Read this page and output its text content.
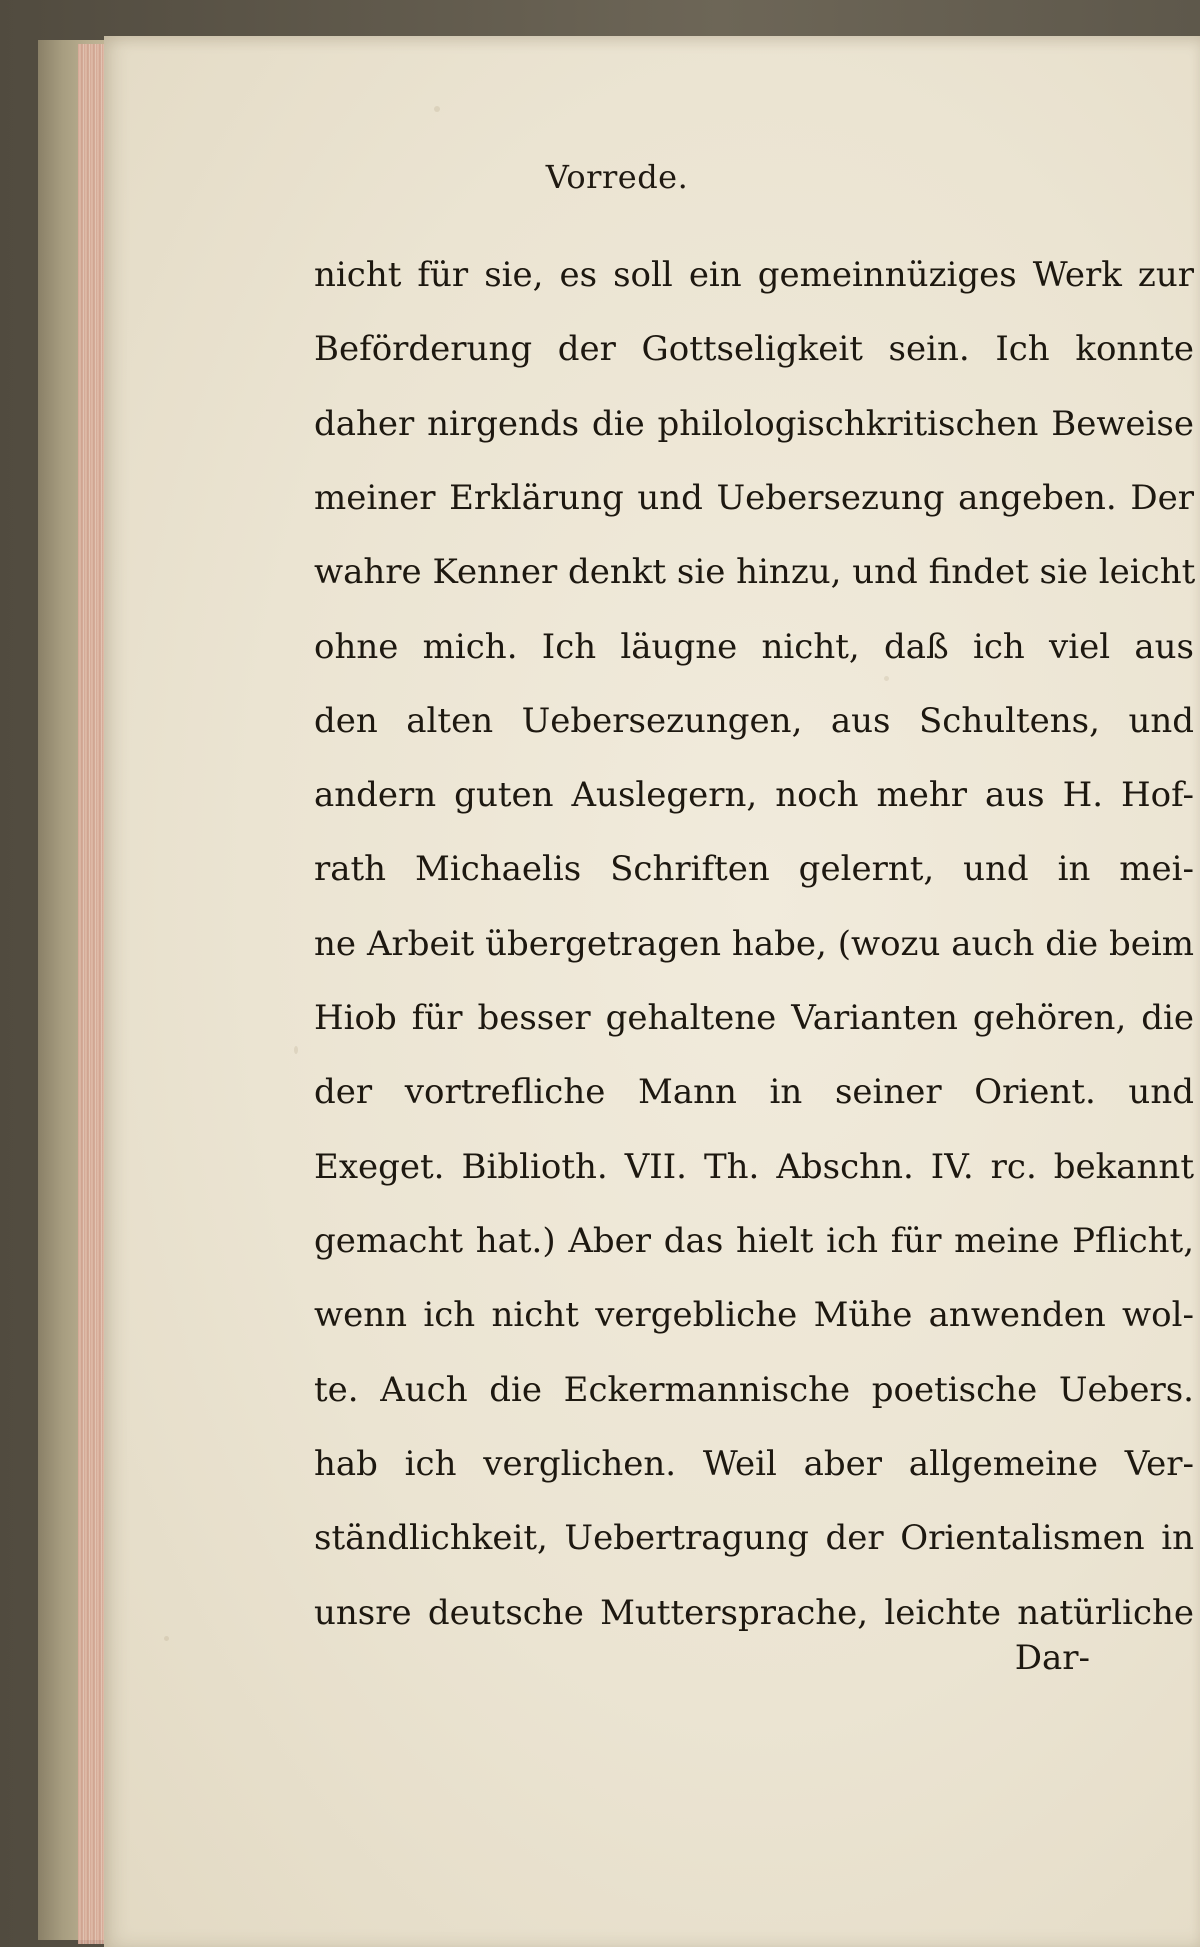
Vorrede.
nicht für sie, es soll ein gemeinnüziges Werk zur
Beförderung der Gottseligkeit sein. Ich konnte
daher nirgends die philologischkritischen Beweise
meiner Erklärung und Uebersezung angeben. Der
wahre Kenner denkt sie hinzu, und findet sie leicht
ohne mich. Ich läugne nicht, daß ich viel aus
den alten Uebersezungen, aus Schultens, und
andern guten Auslegern, noch mehr aus H. Hof-
rath Michaelis Schriften gelernt, und in mei-
ne Arbeit übergetragen habe, (wozu auch die beim
Hiob für besser gehaltene Varianten gehören, die
der vortrefliche Mann in seiner Orient. und
Exeget. Biblioth. VII. Th. Abschn. IV. rc. bekannt
gemacht hat.) Aber das hielt ich für meine Pflicht,
wenn ich nicht vergebliche Mühe anwenden wol-
te. Auch die Eckermannische poetische Uebers.
hab ich verglichen. Weil aber allgemeine Ver-
ständlichkeit, Uebertragung der Orientalismen in
unsre deutsche Muttersprache, leichte natürliche
Dar-
